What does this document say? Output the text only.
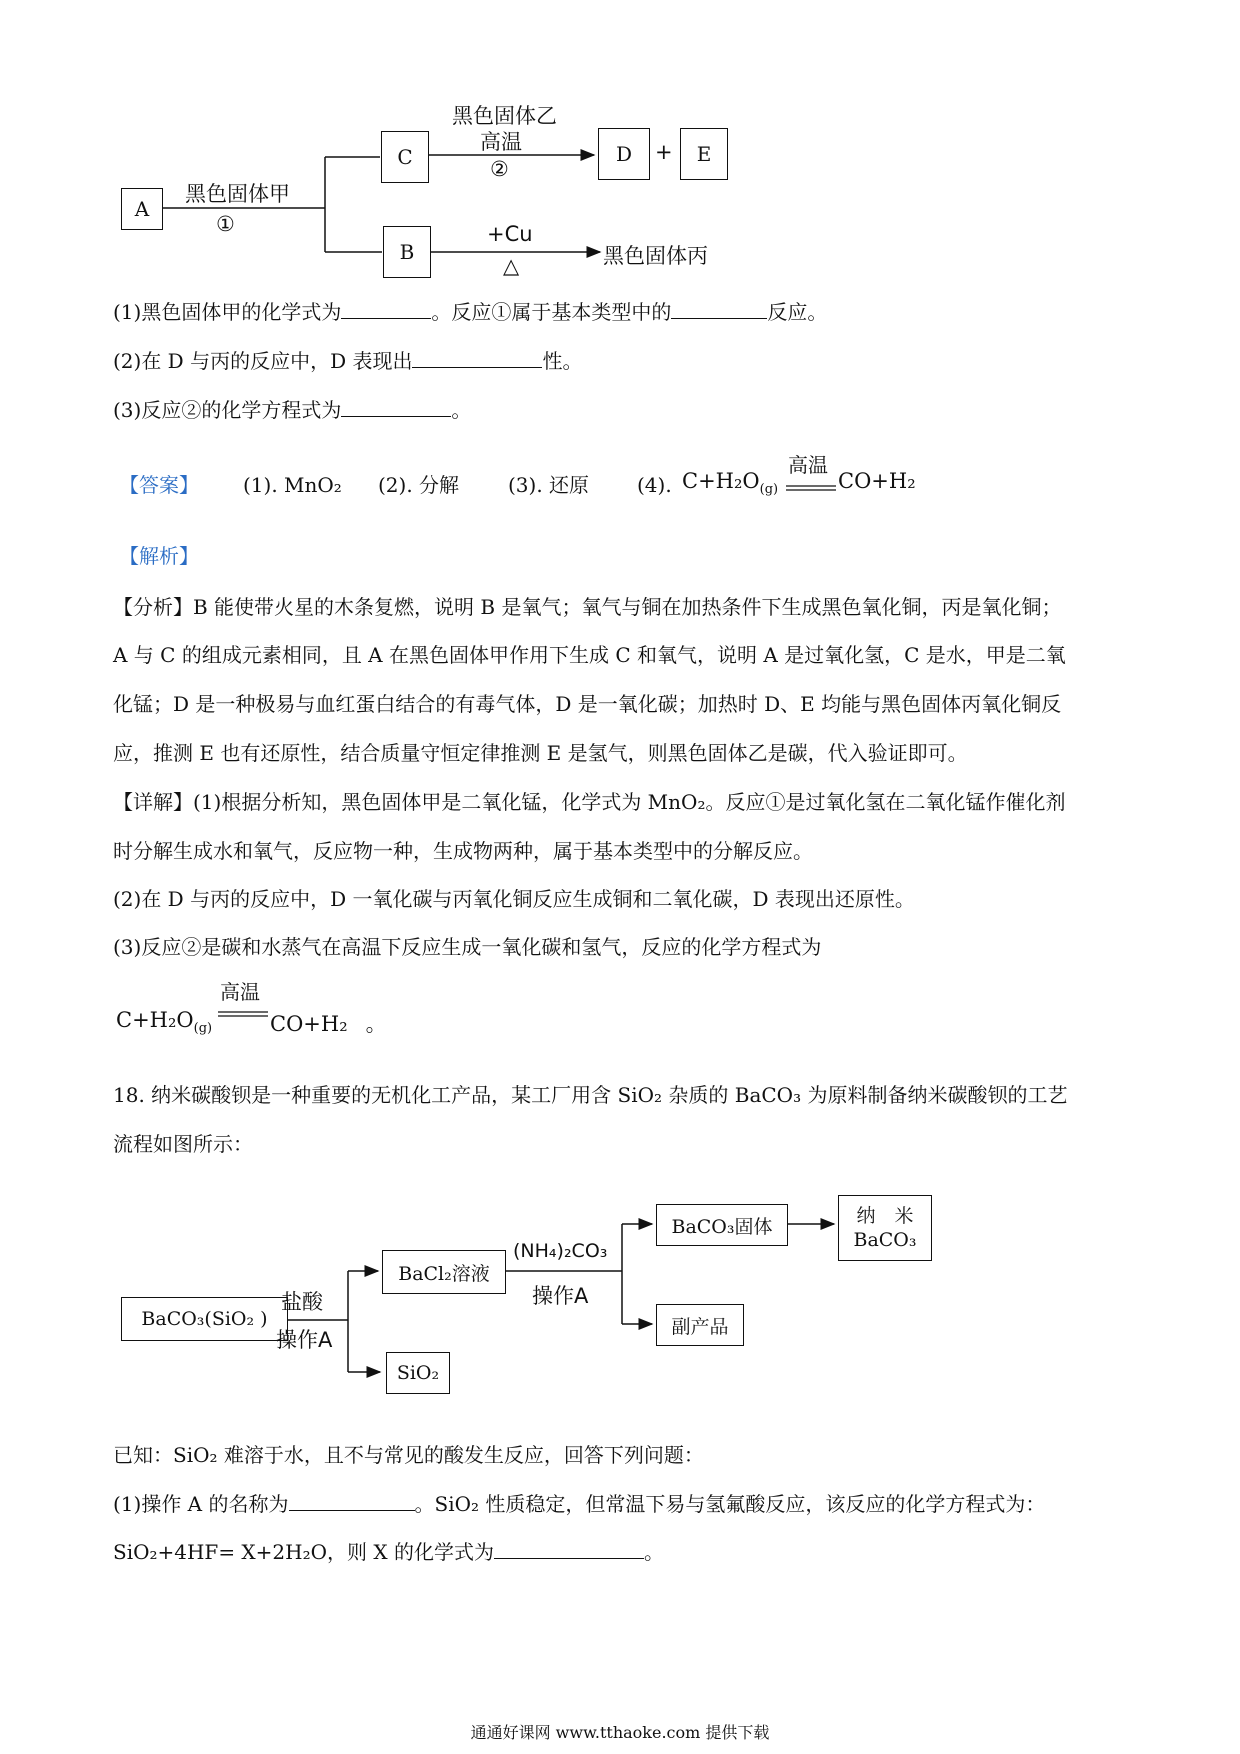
A
C
B
D	E
+
黑色固体甲
①
黑色固体乙
高温
②
+Cu
△	黑色固体丙
(1)黑色固体甲的化学式为	。反应①属于基本类型中的	反应。
(2)在 D 与丙的反应中，D 表现出	性。
(3)反应②的化学方程式为	。
【答案】 (1). MnO₂ (2). 分解 (3). 还原 (4). $C+H_2O_{(g)}$
高温
CO+H₂
【解析】
【分析】B 能使带火星的木条复燃，说明 B 是氧气；氧气与铜在加热条件下生成黑色氧化铜，丙是氧化铜；
A 与 C 的组成元素相同，且 A 在黑色固体甲作用下生成 C 和氧气，说明 A 是过氧化氢，C 是水，甲是二氧
化锰；D 是一种极易与血红蛋白结合的有毒气体，D 是一氧化碳；加热时 D、E 均能与黑色固体丙氧化铜反
应，推测 E 也有还原性，结合质量守恒定律推测 E 是氢气，则黑色固体乙是碳，代入验证即可。
【详解】(1)根据分析知，黑色固体甲是二氧化锰，化学式为 MnO₂。反应①是过氧化氢在二氧化锰作催化剂
时分解生成水和氧气，反应物一种，生成物两种，属于基本类型中的分解反应。
(2)在 D 与丙的反应中，D 一氧化碳与丙氧化铜反应生成铜和二氧化碳，D 表现出还原性。
(3)反应②是碳和水蒸气在高温下反应生成一氧化碳和氢气，反应的化学方程式为
$C+H_2O_{(g)}$
高温
CO+H₂ 。
18. 纳米碳酸钡是一种重要的无机化工产品，某工厂用含 SiO₂ 杂质的 BaCO₃ 为原料制备纳米碳酸钡的工艺
流程如图所示：
BaCO₃(SiO₂ )
盐酸
操作A
BaCl₂溶液
SiO₂
(NH₄)₂CO₃
操作A
BaCO₃固体
副产品
纳　米
BaCO₃
已知：SiO₂ 难溶于水，且不与常见的酸发生反应，回答下列问题：
(1)操作 A 的名称为	。SiO₂ 性质稳定，但常温下易与氢氟酸反应，该反应的化学方程式为：
SiO₂+4HF= X+2H₂O，则 X 的化学式为	。
通通好课网 www.tthaoke.com 提供下载
